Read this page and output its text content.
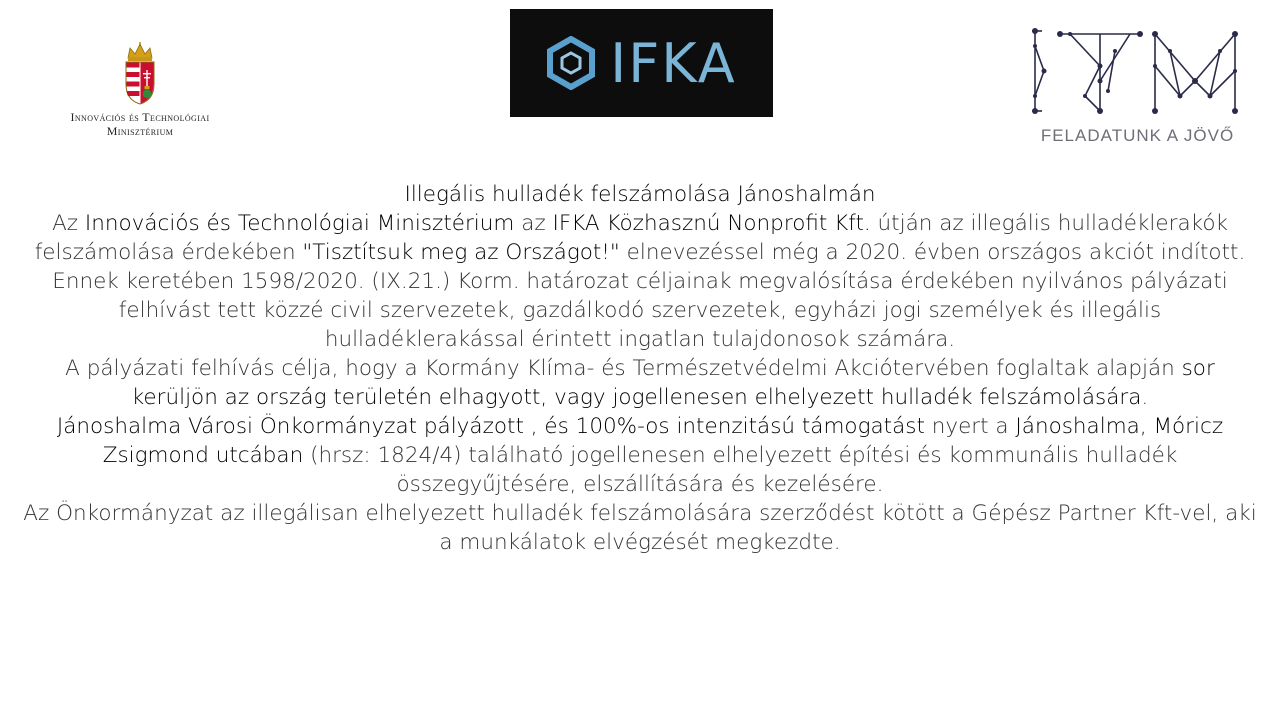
Innovációs és Technológiai
Minisztérium
IFKA
FELADATUNK A JÖVŐ

Illegális hulladék felszámolása Jánoshalmán

Az Innovációs és Technológiai Minisztérium az IFKA Közhasznú Nonprofit Kft. útján az illegális hulladéklerakók felszámolása érdekében "Tisztítsuk meg az Országot!" elnevezéssel még a 2020. évben országos akciót indított. Ennek keretében 1598/2020. (IX.21.) Korm. határozat céljainak megvalósítása érdekében nyilvános pályázati felhívást tett közzé civil szervezetek, gazdálkodó szervezetek, egyházi jogi személyek és illegális hulladéklerakással érintett ingatlan tulajdonosok számára.

A pályázati felhívás célja, hogy a Kormány Klíma- és Természetvédelmi Akciótervében foglaltak alapján sor kerüljön az ország területén elhagyott, vagy jogellenesen elhelyezett hulladék felszámolására.

Jánoshalma Városi Önkormányzat pályázott , és 100%-os intenzitású támogatást nyert a Jánoshalma, Móricz Zsigmond utcában (hrsz: 1824/4) található jogellenesen elhelyezett építési és kommunális hulladék összegyűjtésére, elszállítására és kezelésére.

Az Önkormányzat az illegálisan elhelyezett hulladék felszámolására szerződést kötött a Gépész Partner Kft-vel, aki a munkálatok elvégzését megkezdte.
